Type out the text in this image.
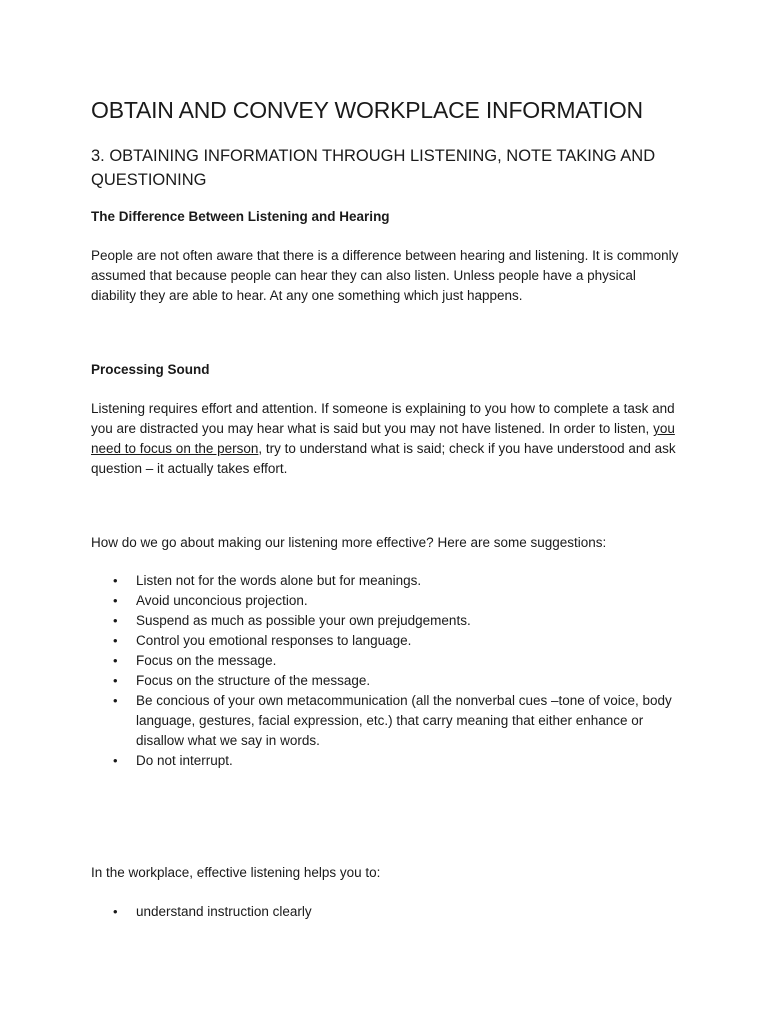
OBTAIN AND CONVEY WORKPLACE INFORMATION
3. OBTAINING INFORMATION THROUGH LISTENING, NOTE TAKING AND QUESTIONING
The Difference Between Listening and Hearing

People are not often aware that there is a difference between hearing and listening. It is commonly assumed that because people can hear they can also listen. Unless people have a physical diability they are able to hear. At any one something which just happens.

Processing Sound

Listening requires effort and attention. If someone is explaining to you how to complete a task and you are distracted you may hear what is said but you may not have listened. In order to listen, you need to focus on the person, try to understand what is said; check if you have understood and ask question – it actually takes effort.

How do we go about making our listening more effective? Here are some suggestions:

• Listen not for the words alone but for meanings.
• Avoid unconcious projection.
• Suspend as much as possible your own prejudgements.
• Control you emotional responses to language.
• Focus on the message.
• Focus on the structure of the message.
• Be concious of your own metacommunication (all the nonverbal cues –tone of voice, body language, gestures, facial expression, etc.) that carry meaning that either enhance or disallow what we say in words.
• Do not interrupt.

In the workplace, effective listening helps you to:

• understand instruction clearly
